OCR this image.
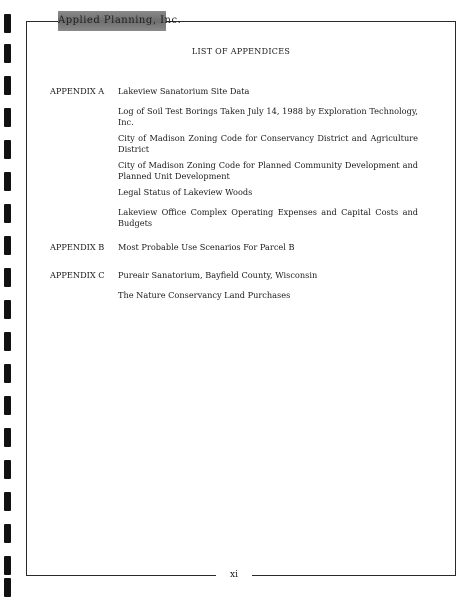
Applied Planning, Inc.
LIST OF APPENDICES
APPENDIX A Lakeview Sanatorium Site Data
Log of Soil Test Borings Taken July 14, 1988 by Exploration Technology, Inc.
City of Madison Zoning Code for Conservancy District and Agriculture District
City of Madison Zoning Code for Planned Community Development and Planned Unit Development
Legal Status of Lakeview Woods
Lakeview Office Complex Operating Expenses and Capital Costs and Budgets
APPENDIX B Most Probable Use Scenarios For Parcel B
APPENDIX C Pureair Sanatorium, Bayfield County, Wisconsin
The Nature Conservancy Land Purchases
xi
